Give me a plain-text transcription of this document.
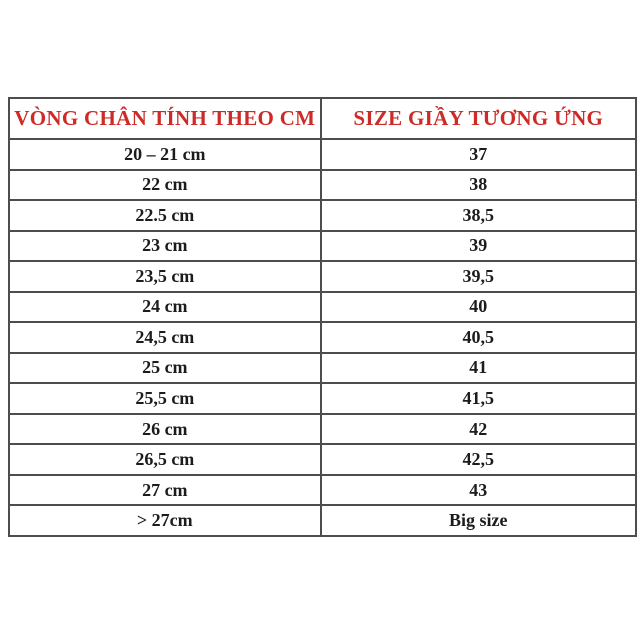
VÒNG CHÂN TÍNH THEO CM	SIZE GIẦY TƯƠNG ỨNG
20 – 21 cm	37
22 cm	38
22.5 cm	38,5
23 cm	39
23,5 cm	39,5
24 cm	40
24,5 cm	40,5
25 cm	41
25,5 cm	41,5
26 cm	42
26,5 cm	42,5
27 cm	43
> 27cm	Big size
